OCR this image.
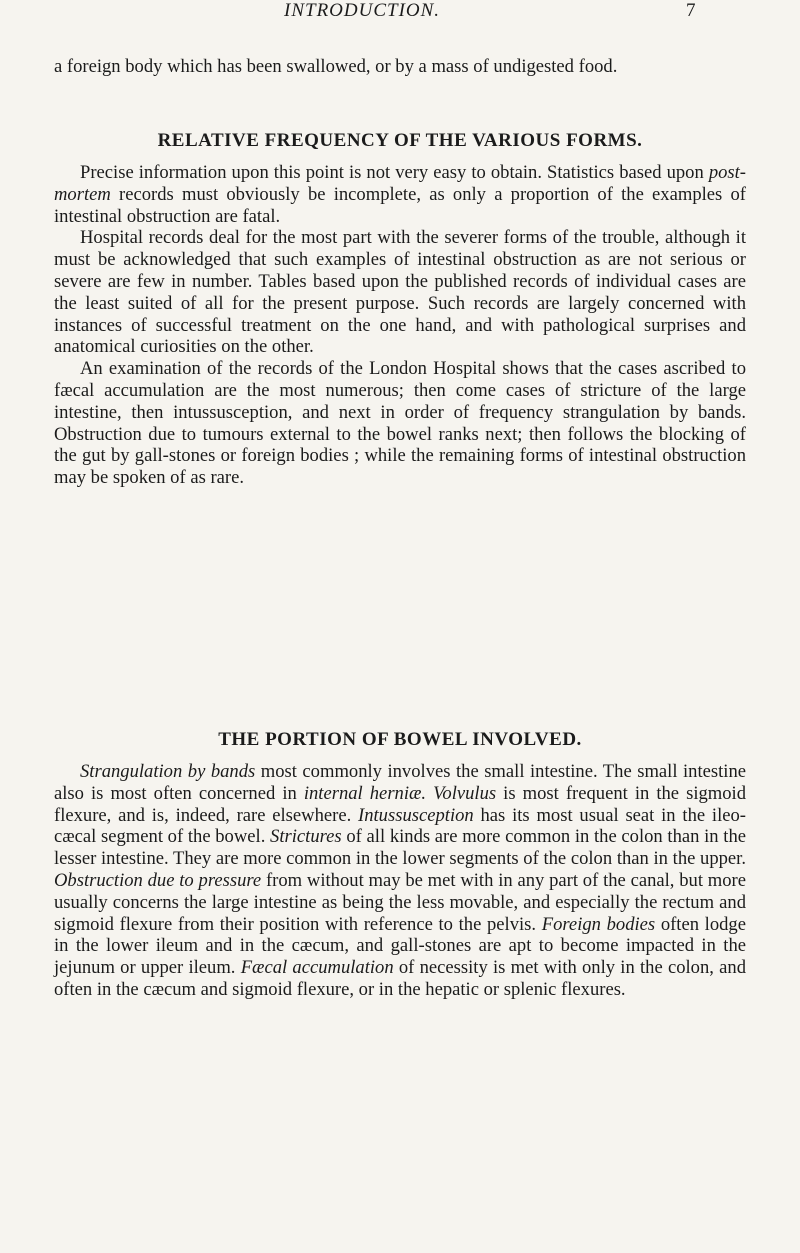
INTRODUCTION.	7

a foreign body which has been swallowed, or by a mass of undigested food.

RELATIVE FREQUENCY OF THE VARIOUS FORMS.

Precise information upon this point is not very easy to obtain. Statistics based upon post-mortem records must obviously be incomplete, as only a proportion of the examples of intestinal obstruction are fatal.

Hospital records deal for the most part with the severer forms of the trouble, although it must be acknowledged that such examples of intestinal obstruction as are not serious or severe are few in number. Tables based upon the published records of individual cases are the least suited of all for the present purpose. Such records are largely concerned with instances of successful treatment on the one hand, and with pathological surprises and anatomical curiosities on the other.

An examination of the records of the London Hospital shows that the cases ascribed to fæcal accumulation are the most numerous; then come cases of stricture of the large intestine, then intussusception, and next in order of frequency strangulation by bands. Obstruction due to tumours external to the bowel ranks next; then follows the blocking of the gut by gall-stones or foreign bodies ; while the remaining forms of intestinal obstruction may be spoken of as rare.

THE PORTION OF BOWEL INVOLVED.

Strangulation by bands most commonly involves the small intestine. The small intestine also is most often concerned in internal herniæ. Volvulus is most frequent in the sigmoid flexure, and is, indeed, rare elsewhere. Intussusception has its most usual seat in the ileo-cæcal segment of the bowel. Strictures of all kinds are more common in the colon than in the lesser intestine. They are more common in the lower segments of the colon than in the upper. Obstruction due to pressure from without may be met with in any part of the canal, but more usually concerns the large intestine as being the less movable, and especially the rectum and sigmoid flexure from their position with reference to the pelvis. Foreign bodies often lodge in the lower ileum and in the cæcum, and gall-stones are apt to become impacted in the jejunum or upper ileum. Fæcal accumulation of necessity is met with only in the colon, and often in the cæcum and sigmoid flexure, or in the hepatic or splenic flexures.
